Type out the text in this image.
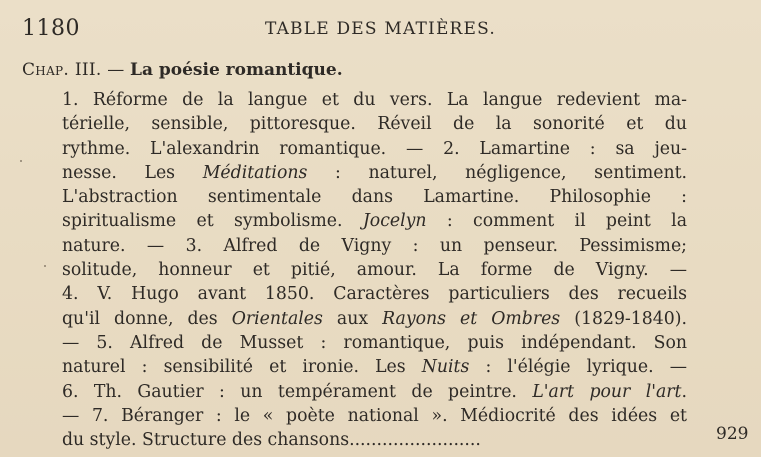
1180	TABLE DES MATIÈRES.
Chap. III. — La poésie romantique.
1. Réforme de la langue et du vers. La langue redevient ma-
térielle, sensible, pittoresque. Réveil de la sonorité et du
rythme. L'alexandrin romantique. — 2. Lamartine : sa jeu-
nesse. Les Méditations : naturel, négligence, sentiment.
L'abstraction sentimentale dans Lamartine. Philosophie :
spiritualisme et symbolisme. Jocelyn : comment il peint la
nature. — 3. Alfred de Vigny : un penseur. Pessimisme;
solitude, honneur et pitié, amour. La forme de Vigny. —
4. V. Hugo avant 1850. Caractères particuliers des recueils
qu'il donne, des Orientales aux Rayons et Ombres (1829-1840).
— 5. Alfred de Musset : romantique, puis indépendant. Son
naturel : sensibilité et ironie. Les Nuits : l'élégie lyrique. —
6. Th. Gautier : un tempérament de peintre. L'art pour l'art.
— 7. Béranger : le « poète national ». Médiocrité des idées et
du style. Structure des chansons........................	929
